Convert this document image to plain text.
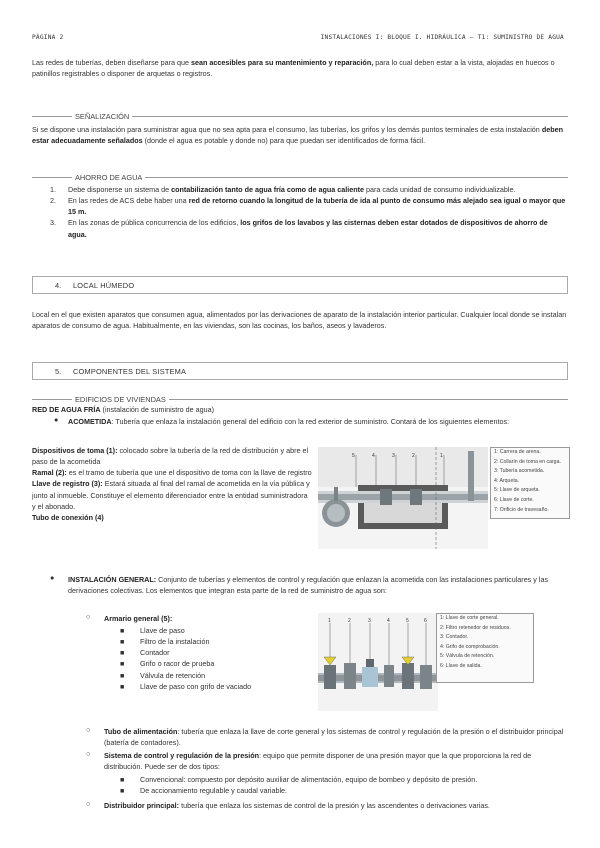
PÁGINA 2	INSTALACIONES I: BLOQUE I. HIDRÁULICA – T1: SUMINISTRO DE AGUA
Las redes de tuberías, deben diseñarse para que sean accesibles para su mantenimiento y reparación, para lo cual deben estar a la vista, alojadas en huecos o patinillos registrables o disponer de arquetas o registros.
SEÑALIZACIÓN
Si se dispone una instalación para suministrar agua que no sea apta para el consumo, las tuberías, los grifos y los demás puntos terminales de esta instalación deben estar adecuadamente señalados (donde el agua es potable y donde no) para que puedan ser identificados de forma fácil.
AHORRO DE AGUA
1. Debe disponerse un sistema de contabilización tanto de agua fría como de agua caliente para cada unidad de consumo individualizable.
2. En las redes de ACS debe haber una red de retorno cuando la longitud de la tubería de ida al punto de consumo más alejado sea igual o mayor que 15 m.
3. En las zonas de pública concurrencia de los edificios, los grifos de los lavabos y las cisternas deben estar dotados de dispositivos de ahorro de agua.
4. LOCAL HÚMEDO
Local en el que existen aparatos que consumen agua, alimentados por las derivaciones de aparato de la instalación interior particular. Cualquier local donde se instalan aparatos de consumo de agua. Habitualmente, en las viviendas, son las cocinas, los baños, aseos y lavaderos.
5. COMPONENTES DEL SISTEMA
EDIFICIOS DE VIVIENDAS
RED DE AGUA FRÍA (instalación de suministro de agua)
● ACOMETIDA: Tubería que enlaza la instalación general del edificio con la red exterior de suministro. Contará de los siguientes elementos:
Dispositivos de toma (1): colocado sobre la tubería de la red de distribución y abre el paso de la acometida
Ramal (2): es el tramo de tubería que une el dispositivo de toma con la llave de registro
Llave de registro (3): Estará situada al final del ramal de acometida en la vía pública y junto al inmueble. Constituye el elemento diferenciador entre la entidad suministradora y el abonado.
Tubo de conexión (4)
5	4	3	2	1
1: Carrera de arena.
2: Collarín de toma en carga.
3: Tubería acometida.
4: Arqueta.
5: Llave de arqueta.
6: Llave de corte.
7: Orificio de travesaño.
● INSTALACIÓN GENERAL: Conjunto de tuberías y elementos de control y regulación que enlazan la acometida con las instalaciones particulares y las derivaciones colectivas. Los elementos que integran esta parte de la red de suministro de agua son:
○ Armario general (5):
■ Llave de paso
■ Filtro de la instalación
■ Contador
■ Grifo o racor de prueba
■ Válvula de retención
■ Llave de paso con grifo de vaciado
1	2	3	4	5	6	1: Llave de corte general.
2: Filtro retenedor de residuos.
3: Contador.
4: Grifo de comprobación.
5: Válvula de retención.
6: Llave de salida.
○ Tubo de alimentación: tubería que enlaza la llave de corte general y los sistemas de control y regulación de la presión o el distribuidor principal (batería de contadores).
○ Sistema de control y regulación de la presión: equipo que permite disponer de una presión mayor que la que proporciona la red de distribución. Puede ser de dos tipos:
■ Convencional: compuesto por depósito auxiliar de alimentación, equipo de bombeo y depósito de presión.
■ De accionamiento regulable y caudal variable.
○ Distribuidor principal: tubería que enlaza los sistemas de control de la presión y las ascendentes o derivaciones varias.
